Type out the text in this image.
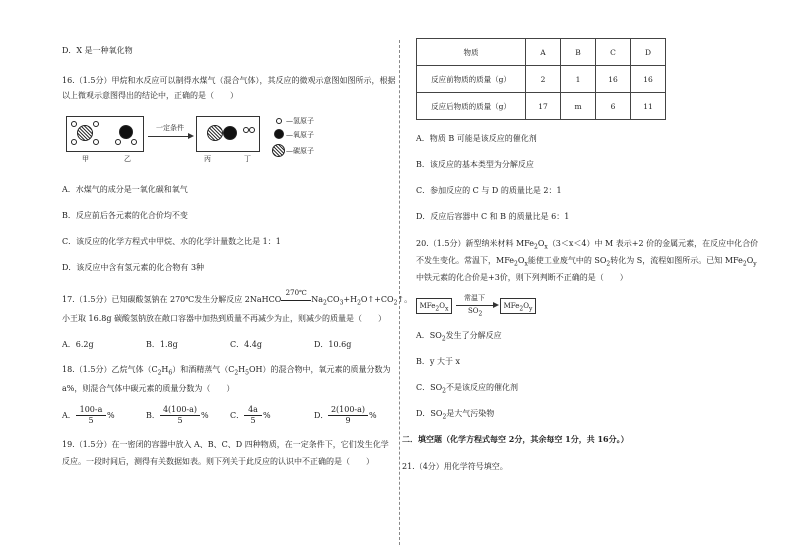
D．X 是一种氧化物
16.（1.5分）甲烷和水反应可以制得水煤气（混合气体），其反应的微观示意图如图所示，根据
以上微观示意图得出的结论中，正确的是（　　）
甲	乙
一定条件
丙	丁
—氢原子
—氧原子
—碳原子
A．水煤气的成分是一氧化碳和氧气
B．反应前后各元素的化合价均不变
C．该反应的化学方程式中甲烷、水的化学计量数之比是 1：1
D．该反应中含有氢元素的化合物有 3种
17.（1.5分）已知碳酸氢钠在 270℃发生分解反应 2NaHCO
270℃
$Na_2CO_3+H_2O↑+CO_2↑$。
小王取 16.8g 碳酸氢钠放在敞口容器中加热到质量不再减少为止，则减少的质量是（　　）
A．6.2g	B．1.8g	C．4.4g	D．10.6g
18.（1.5分）乙烷气体$(C_2H_6)$和酒精蒸气$(C_2H_5OH)$的混合物中，氧元素的质量分数为
a%，则混合气体中碳元素的质量分数为（　　）
A． $\frac{100-a}{5}$ %	B． $\frac{4(100-a)}{5}$ %	C． $\frac{4a}{5}$ %	D． $\frac{2(100-a)}{9}$ %
19.（1.5分）在一密闭的容器中放入 A、B、C、D 四种物质，在一定条件下，它们发生化学
反应。一段时间后，测得有关数据如表。则下列关于此反应的认识中不正确的是（　　）
物质	A	B	C	D
反应前物质的质量（g）	2	1	16	16
反应后物质的质量（g）	17	m	6	11
A．物质 B 可能是该反应的催化剂
B．该反应的基本类型为分解反应
C．参加反应的 C 与 D 的质量比是 2：1
D．反应后容器中 C 和 B 的质量比是 6：1
20.（1.5分）新型纳米材料 $MFe_2O_x(3<x<4)$中 M 表示+2 价的金属元素，在反应中化合价
不发生变化。常温下，$MFe_2O_x$能使工业废气中的 $SO_2$转化为 S，流程如图所示。已知 $MFe_2O_y$
中铁元素的化合价是+3价，则下列判断不正确的是（　　）
$MFe_2O_x$
常温下
$SO_2$
$MFe_2O_y$
A．$SO_2$发生了分解反应
B．y 大于 x
C．$SO_2$不是该反应的催化剂
D．$SO_2$是大气污染物
二．填空题（化学方程式每空 2分，其余每空 1分，共 16分。）
21.（4分）用化学符号填空。
